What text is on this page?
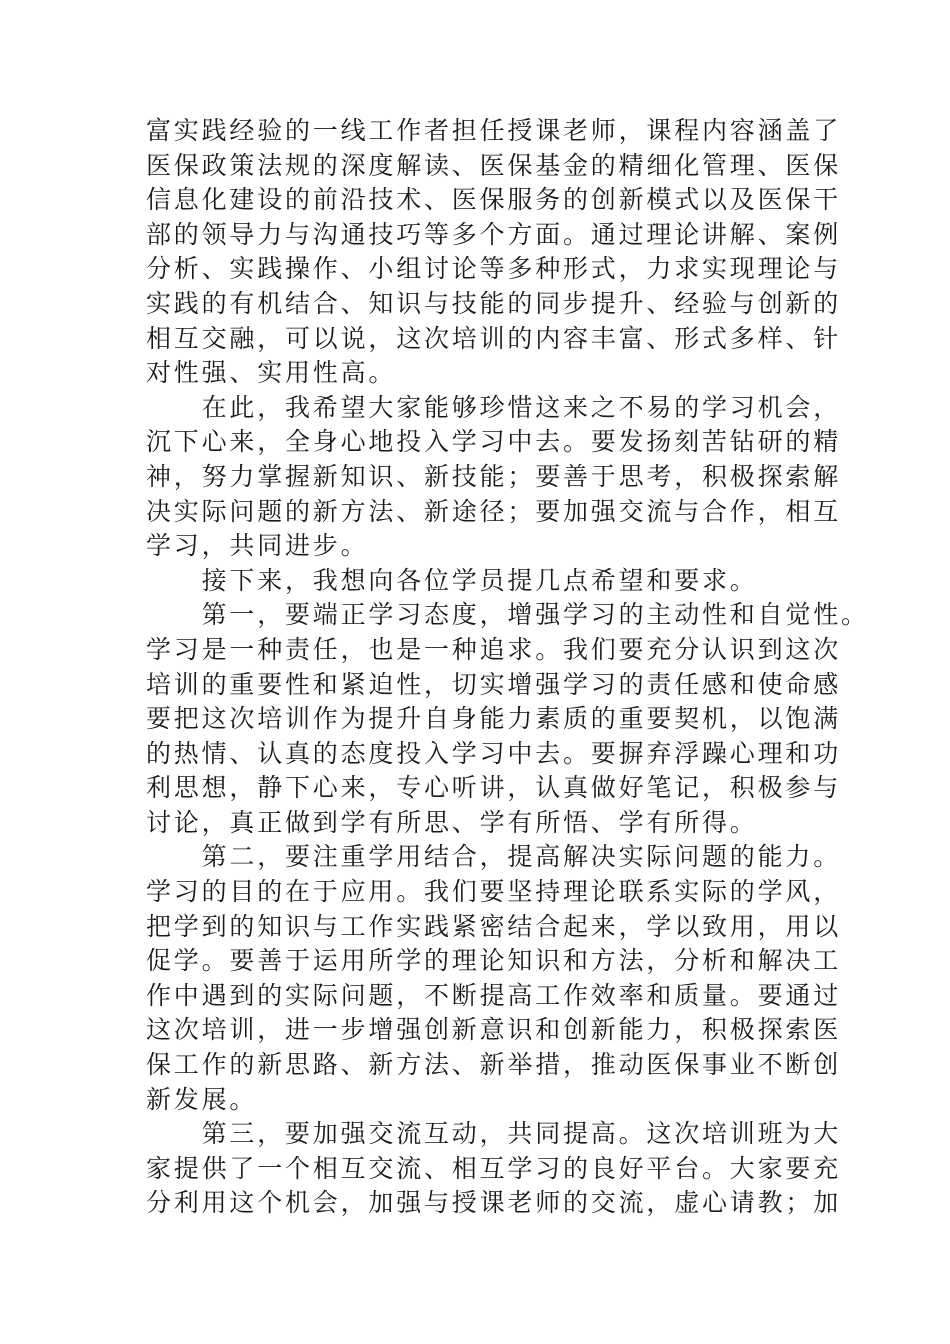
富实践经验的一线工作者担任授课老师，课程内容涵盖了
医保政策法规的深度解读、医保基金的精细化管理、医保
信息化建设的前沿技术、医保服务的创新模式以及医保干
部的领导力与沟通技巧等多个方面。通过理论讲解、案例
分析、实践操作、小组讨论等多种形式，力求实现理论与
实践的有机结合、知识与技能的同步提升、经验与创新的
相互交融，可以说，这次培训的内容丰富、形式多样、针
对性强、实用性高。
　　在此，我希望大家能够珍惜这来之不易的学习机会，
沉下心来，全身心地投入学习中去。要发扬刻苦钻研的精
神，努力掌握新知识、新技能；要善于思考，积极探索解
决实际问题的新方法、新途径；要加强交流与合作，相互
学习，共同进步。
　　接下来，我想向各位学员提几点希望和要求。
　　第一，要端正学习态度，增强学习的主动性和自觉性。
学习是一种责任，也是一种追求。我们要充分认识到这次
培训的重要性和紧迫性，切实增强学习的责任感和使命感
要把这次培训作为提升自身能力素质的重要契机，以饱满
的热情、认真的态度投入学习中去。要摒弃浮躁心理和功
利思想，静下心来，专心听讲，认真做好笔记，积极参与
讨论，真正做到学有所思、学有所悟、学有所得。
　　第二，要注重学用结合，提高解决实际问题的能力。
学习的目的在于应用。我们要坚持理论联系实际的学风，
把学到的知识与工作实践紧密结合起来，学以致用，用以
促学。要善于运用所学的理论知识和方法，分析和解决工
作中遇到的实际问题，不断提高工作效率和质量。要通过
这次培训，进一步增强创新意识和创新能力，积极探索医
保工作的新思路、新方法、新举措，推动医保事业不断创
新发展。
　　第三，要加强交流互动，共同提高。这次培训班为大
家提供了一个相互交流、相互学习的良好平台。大家要充
分利用这个机会，加强与授课老师的交流，虚心请教；加
